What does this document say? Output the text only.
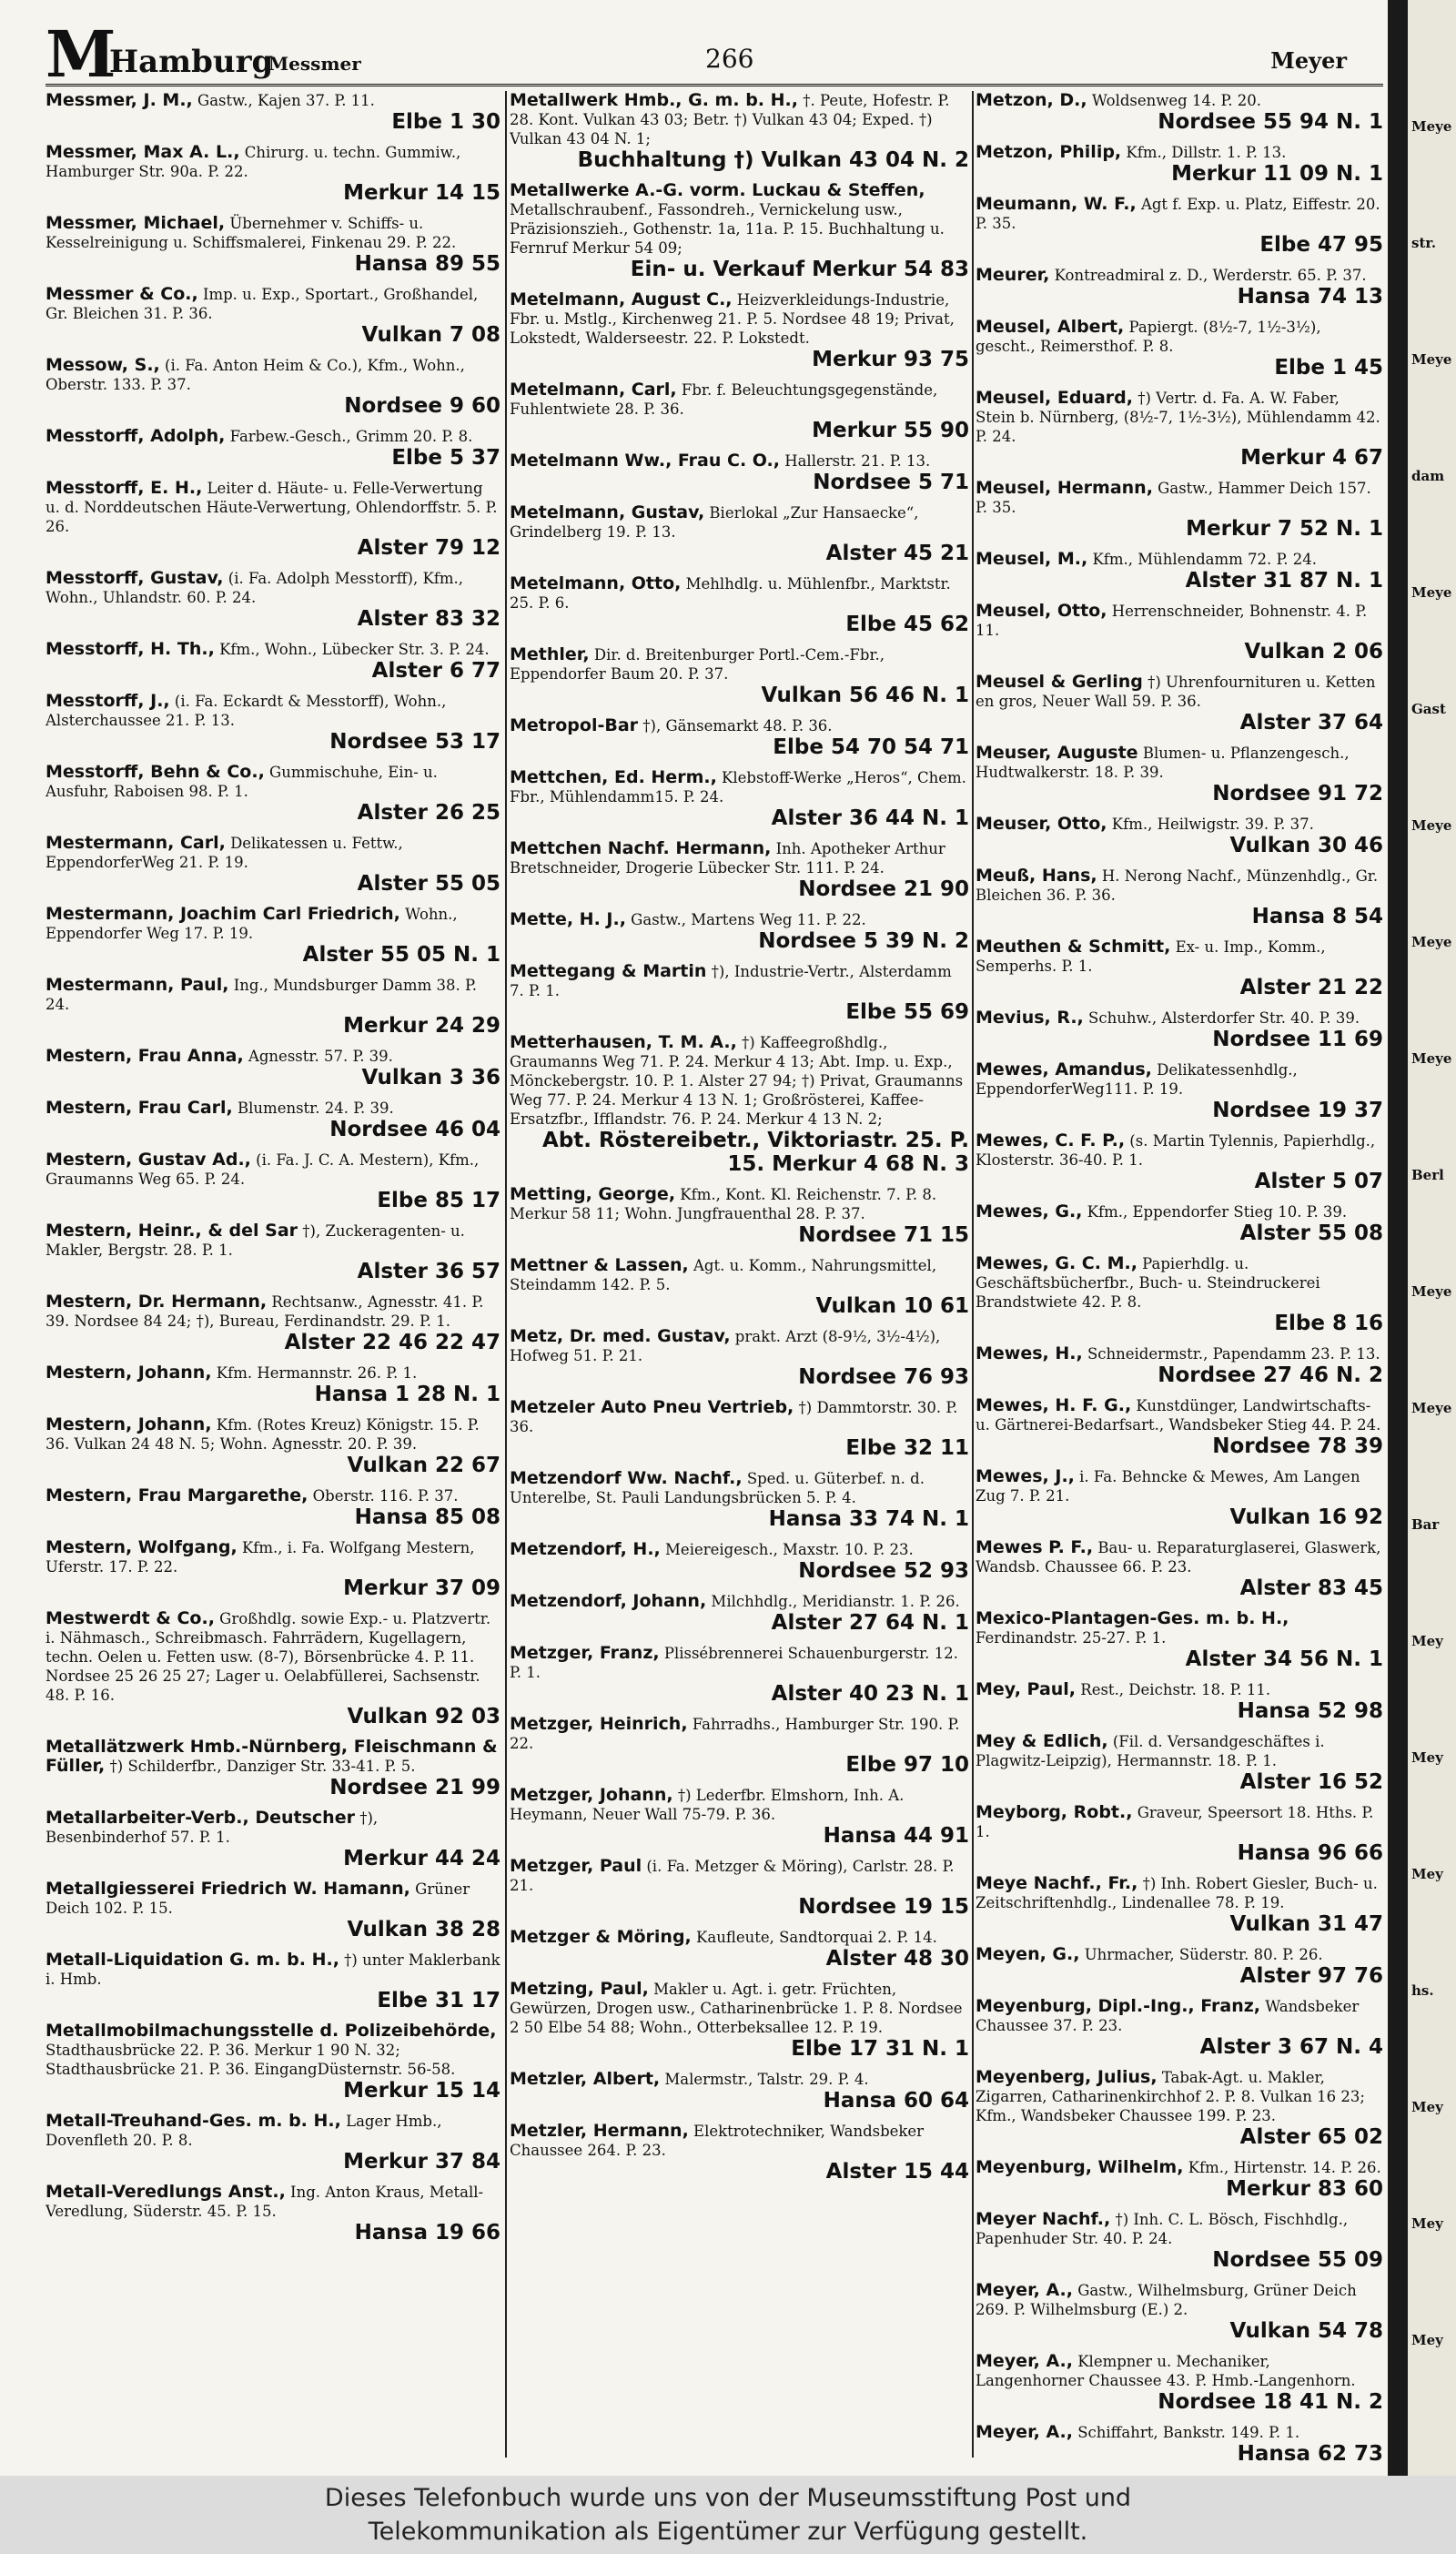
M
Hamburg
Messmer	266	Meyer
Messmer, J. M., Gastw., Kajen 37. P. 11.
Elbe 1 30
Messmer, Max A. L., Chirurg. u. techn. Gummiw., Hamburger Str. 90a. P. 22.
Merkur 14 15
Messmer, Michael, Übernehmer v. Schiffs- u. Kesselreinigung u. Schiffsmalerei, Finkenau 29. P. 22.
Hansa 89 55
Messmer & Co., Imp. u. Exp., Sportart., Großhandel, Gr. Bleichen 31. P. 36.
Vulkan 7 08
Messow, S., (i. Fa. Anton Heim & Co.), Kfm., Wohn., Oberstr. 133. P. 37.
Nordsee 9 60
Messtorff, Adolph, Farbew.-Gesch., Grimm 20. P. 8.
Elbe 5 37
Messtorff, E. H., Leiter d. Häute- u. Felle-Verwertung u. d. Norddeutschen Häute-Verwertung, Ohlendorffstr. 5. P. 26.
Alster 79 12
Messtorff, Gustav, (i. Fa. Adolph Messtorff), Kfm., Wohn., Uhlandstr. 60. P. 24.
Alster 83 32
Messtorff, H. Th., Kfm., Wohn., Lübecker Str. 3. P. 24.
Alster 6 77
Messtorff, J., (i. Fa. Eckardt & Messtorff), Wohn., Alsterchaussee 21. P. 13.
Nordsee 53 17
Messtorff, Behn & Co., Gummischuhe, Ein- u. Ausfuhr, Raboisen 98. P. 1.
Alster 26 25
Mestermann, Carl, Delikatessen u. Fettw., EppendorferWeg 21. P. 19.
Alster 55 05
Mestermann, Joachim Carl Friedrich, Wohn., Eppendorfer Weg 17. P. 19.
Alster 55 05 N. 1
Mestermann, Paul, Ing., Mundsburger Damm 38. P. 24.
Merkur 24 29
Mestern, Frau Anna, Agnesstr. 57. P. 39.
Vulkan 3 36
Mestern, Frau Carl, Blumenstr. 24. P. 39.
Nordsee 46 04
Mestern, Gustav Ad., (i. Fa. J. C. A. Mestern), Kfm., Graumanns Weg 65. P. 24.
Elbe 85 17
Mestern, Heinr., & del Sar †), Zuckeragenten- u. Makler, Bergstr. 28. P. 1.
Alster 36 57
Mestern, Dr. Hermann, Rechtsanw., Agnesstr. 41. P. 39. Nordsee 84 24; †), Bureau, Ferdinandstr. 29. P. 1.
Alster 22 46 22 47
Mestern, Johann, Kfm. Hermannstr. 26. P. 1.
Hansa 1 28 N. 1
Mestern, Johann, Kfm. (Rotes Kreuz) Königstr. 15. P. 36. Vulkan 24 48 N. 5; Wohn. Agnesstr. 20. P. 39.
Vulkan 22 67
Mestern, Frau Margarethe, Oberstr. 116. P. 37.
Hansa 85 08
Mestern, Wolfgang, Kfm., i. Fa. Wolfgang Mestern, Uferstr. 17. P. 22.
Merkur 37 09
Mestwerdt & Co., Großhdlg. sowie Exp.- u. Platzvertr. i. Nähmasch., Schreibmasch. Fahrrädern, Kugellagern, techn. Oelen u. Fetten usw. (8-7), Börsenbrücke 4. P. 11. Nordsee 25 26 25 27; Lager u. Oelabfüllerei, Sachsenstr. 48. P. 16.
Vulkan 92 03
Metallätzwerk Hmb.-Nürnberg, Fleischmann & Füller, †) Schilderfbr., Danziger Str. 33-41. P. 5.
Nordsee 21 99
Metallarbeiter-Verb., Deutscher †), Besenbinderhof 57. P. 1.
Merkur 44 24
Metallgiesserei Friedrich W. Hamann, Grüner Deich 102. P. 15.
Vulkan 38 28
Metall-Liquidation G. m. b. H., †) unter Maklerbank i. Hmb.
Elbe 31 17
Metallmobilmachungsstelle d. Polizeibehörde, Stadthausbrücke 22. P. 36. Merkur 1 90 N. 32; Stadthausbrücke 21. P. 36. EingangDüsternstr. 56-58.
Merkur 15 14
Metall-Treuhand-Ges. m. b. H., Lager Hmb., Dovenfleth 20. P. 8.
Merkur 37 84
Metall-Veredlungs Anst., Ing. Anton Kraus, Metall-Veredlung, Süderstr. 45. P. 15.
Hansa 19 66
Metallwerk Hmb., G. m. b. H., †. Peute, Hofestr. P. 28. Kont. Vulkan 43 03; Betr. †) Vulkan 43 04; Exped. †) Vulkan 43 04 N. 1;
Buchhaltung †) Vulkan 43 04 N. 2
Metallwerke A.-G. vorm. Luckau & Steffen, Metallschraubenf., Fassondreh., Vernickelung usw., Präzisionszieh., Gothenstr. 1a, 11a. P. 15. Buchhaltung u. Fernruf Merkur 54 09;
Ein- u. Verkauf Merkur 54 83
Metelmann, August C., Heizverkleidungs-Industrie, Fbr. u. Mstlg., Kirchenweg 21. P. 5. Nordsee 48 19; Privat, Lokstedt, Walderseestr. 22. P. Lokstedt.
Merkur 93 75
Metelmann, Carl, Fbr. f. Beleuchtungsgegenstände, Fuhlentwiete 28. P. 36.
Merkur 55 90
Metelmann Ww., Frau C. O., Hallerstr. 21. P. 13.
Nordsee 5 71
Metelmann, Gustav, Bierlokal „Zur Hansaecke“, Grindelberg 19. P. 13.
Alster 45 21
Metelmann, Otto, Mehlhdlg. u. Mühlenfbr., Marktstr. 25. P. 6.
Elbe 45 62
Methler, Dir. d. Breitenburger Portl.-Cem.-Fbr., Eppendorfer Baum 20. P. 37.
Vulkan 56 46 N. 1
Metropol-Bar †), Gänsemarkt 48. P. 36.
Elbe 54 70 54 71
Mettchen, Ed. Herm., Klebstoff-Werke „Heros“, Chem. Fbr., Mühlendamm15. P. 24.
Alster 36 44 N. 1
Mettchen Nachf. Hermann, Inh. Apotheker Arthur Bretschneider, Drogerie Lübecker Str. 111. P. 24.
Nordsee 21 90
Mette, H. J., Gastw., Martens Weg 11. P. 22.
Nordsee 5 39 N. 2
Mettegang & Martin †), Industrie-Vertr., Alsterdamm 7. P. 1.
Elbe 55 69
Metterhausen, T. M. A., †) Kaffeegroßhdlg., Graumanns Weg 71. P. 24. Merkur 4 13; Abt. Imp. u. Exp., Mönckebergstr. 10. P. 1. Alster 27 94; †) Privat, Graumanns Weg 77. P. 24. Merkur 4 13 N. 1; Großrösterei, Kaffee-Ersatzfbr., Ifflandstr. 76. P. 24. Merkur 4 13 N. 2;
Abt. Röstereibetr., Viktoriastr. 25. P. 15. Merkur 4 68 N. 3
Metting, George, Kfm., Kont. Kl. Reichenstr. 7. P. 8. Merkur 58 11; Wohn. Jungfrauenthal 28. P. 37.
Nordsee 71 15
Mettner & Lassen, Agt. u. Komm., Nahrungsmittel, Steindamm 142. P. 5.
Vulkan 10 61
Metz, Dr. med. Gustav, prakt. Arzt (8-9½, 3½-4½), Hofweg 51. P. 21.
Nordsee 76 93
Metzeler Auto Pneu Vertrieb, †) Dammtorstr. 30. P. 36.
Elbe 32 11
Metzendorf Ww. Nachf., Sped. u. Güterbef. n. d. Unterelbe, St. Pauli Landungsbrücken 5. P. 4.
Hansa 33 74 N. 1
Metzendorf, H., Meiereigesch., Maxstr. 10. P. 23.
Nordsee 52 93
Metzendorf, Johann, Milchhdlg., Meridianstr. 1. P. 26.
Alster 27 64 N. 1
Metzger, Franz, Plissébrennerei Schauenburgerstr. 12. P. 1.
Alster 40 23 N. 1
Metzger, Heinrich, Fahrradhs., Hamburger Str. 190. P. 22.
Elbe 97 10
Metzger, Johann, †) Lederfbr. Elmshorn, Inh. A. Heymann, Neuer Wall 75-79. P. 36.
Hansa 44 91
Metzger, Paul (i. Fa. Metzger & Möring), Carlstr. 28. P. 21.
Nordsee 19 15
Metzger & Möring, Kaufleute, Sandtorquai 2. P. 14.
Alster 48 30
Metzing, Paul, Makler u. Agt. i. getr. Früchten, Gewürzen, Drogen usw., Catharinenbrücke 1. P. 8. Nordsee 2 50 Elbe 54 88; Wohn., Otterbeksallee 12. P. 19.
Elbe 17 31 N. 1
Metzler, Albert, Malermstr., Talstr. 29. P. 4.
Hansa 60 64
Metzler, Hermann, Elektrotechniker, Wandsbeker Chaussee 264. P. 23.
Alster 15 44
Metzon, D., Woldsenweg 14. P. 20.
Nordsee 55 94 N. 1
Metzon, Philip, Kfm., Dillstr. 1. P. 13.
Merkur 11 09 N. 1
Meumann, W. F., Agt f. Exp. u. Platz, Eiffestr. 20. P. 35.
Elbe 47 95
Meurer, Kontreadmiral z. D., Werderstr. 65. P. 37.
Hansa 74 13
Meusel, Albert, Papiergt. (8½-7, 1½-3½), gescht., Reimersthof. P. 8.
Elbe 1 45
Meusel, Eduard, †) Vertr. d. Fa. A. W. Faber, Stein b. Nürnberg, (8½-7, 1½-3½), Mühlendamm 42. P. 24.
Merkur 4 67
Meusel, Hermann, Gastw., Hammer Deich 157. P. 35.
Merkur 7 52 N. 1
Meusel, M., Kfm., Mühlendamm 72. P. 24.
Alster 31 87 N. 1
Meusel, Otto, Herrenschneider, Bohnenstr. 4. P. 11.
Vulkan 2 06
Meusel & Gerling †) Uhrenfournituren u. Ketten en gros, Neuer Wall 59. P. 36.
Alster 37 64
Meuser, Auguste Blumen- u. Pflanzengesch., Hudtwalkerstr. 18. P. 39.
Nordsee 91 72
Meuser, Otto, Kfm., Heilwigstr. 39. P. 37.
Vulkan 30 46
Meuß, Hans, H. Nerong Nachf., Münzenhdlg., Gr. Bleichen 36. P. 36.
Hansa 8 54
Meuthen & Schmitt, Ex- u. Imp., Komm., Semperhs. P. 1.
Alster 21 22
Mevius, R., Schuhw., Alsterdorfer Str. 40. P. 39.
Nordsee 11 69
Mewes, Amandus, Delikatessenhdlg., EppendorferWeg111. P. 19.
Nordsee 19 37
Mewes, C. F. P., (s. Martin Tylennis, Papierhdlg., Klosterstr. 36-40. P. 1.
Alster 5 07
Mewes, G., Kfm., Eppendorfer Stieg 10. P. 39.
Alster 55 08
Mewes, G. C. M., Papierhdlg. u. Geschäftsbücherfbr., Buch- u. Steindruckerei Brandstwiete 42. P. 8.
Elbe 8 16
Mewes, H., Schneidermstr., Papendamm 23. P. 13.
Nordsee 27 46 N. 2
Mewes, H. F. G., Kunstdünger, Landwirtschafts- u. Gärtnerei-Bedarfsart., Wandsbeker Stieg 44. P. 24.
Nordsee 78 39
Mewes, J., i. Fa. Behncke & Mewes, Am Langen Zug 7. P. 21.
Vulkan 16 92
Mewes P. F., Bau- u. Reparaturglaserei, Glaswerk, Wandsb. Chaussee 66. P. 23.
Alster 83 45
Mexico-Plantagen-Ges. m. b. H., Ferdinandstr. 25-27. P. 1.
Alster 34 56 N. 1
Mey, Paul, Rest., Deichstr. 18. P. 11.
Hansa 52 98
Mey & Edlich, (Fil. d. Versandgeschäftes i. Plagwitz-Leipzig), Hermannstr. 18. P. 1.
Alster 16 52
Meyborg, Robt., Graveur, Speersort 18. Hths. P. 1.
Hansa 96 66
Meye Nachf., Fr., †) Inh. Robert Giesler, Buch- u. Zeitschriftenhdlg., Lindenallee 78. P. 19.
Vulkan 31 47
Meyen, G., Uhrmacher, Süderstr. 80. P. 26.
Alster 97 76
Meyenburg, Dipl.-Ing., Franz, Wandsbeker Chaussee 37. P. 23.
Alster 3 67 N. 4
Meyenberg, Julius, Tabak-Agt. u. Makler, Zigarren, Catharinenkirchhof 2. P. 8. Vulkan 16 23; Kfm., Wandsbeker Chaussee 199. P. 23.
Alster 65 02
Meyenburg, Wilhelm, Kfm., Hirtenstr. 14. P. 26.
Merkur 83 60
Meyer Nachf., †) Inh. C. L. Bösch, Fischhdlg., Papenhuder Str. 40. P. 24.
Nordsee 55 09
Meyer, A., Gastw., Wilhelmsburg, Grüner Deich 269. P. Wilhelmsburg (E.) 2.
Vulkan 54 78
Meyer, A., Klempner u. Mechaniker, Langenhorner Chaussee 43. P. Hmb.-Langenhorn.
Nordsee 18 41 N. 2
Meyer, A., Schiffahrt, Bankstr. 149. P. 1.
Hansa 62 73
Meye
str.
Meye
dam
Meye
Gast
Meye
Meye
Meye
Berl
Meye
Meye
Bar
Mey
Mey
Mey
hs.
Mey
Mey
Mey
Dieses Telefonbuch wurde uns von der Museumsstiftung Post und
Telekommunikation als Eigentümer zur Verfügung gestellt.
